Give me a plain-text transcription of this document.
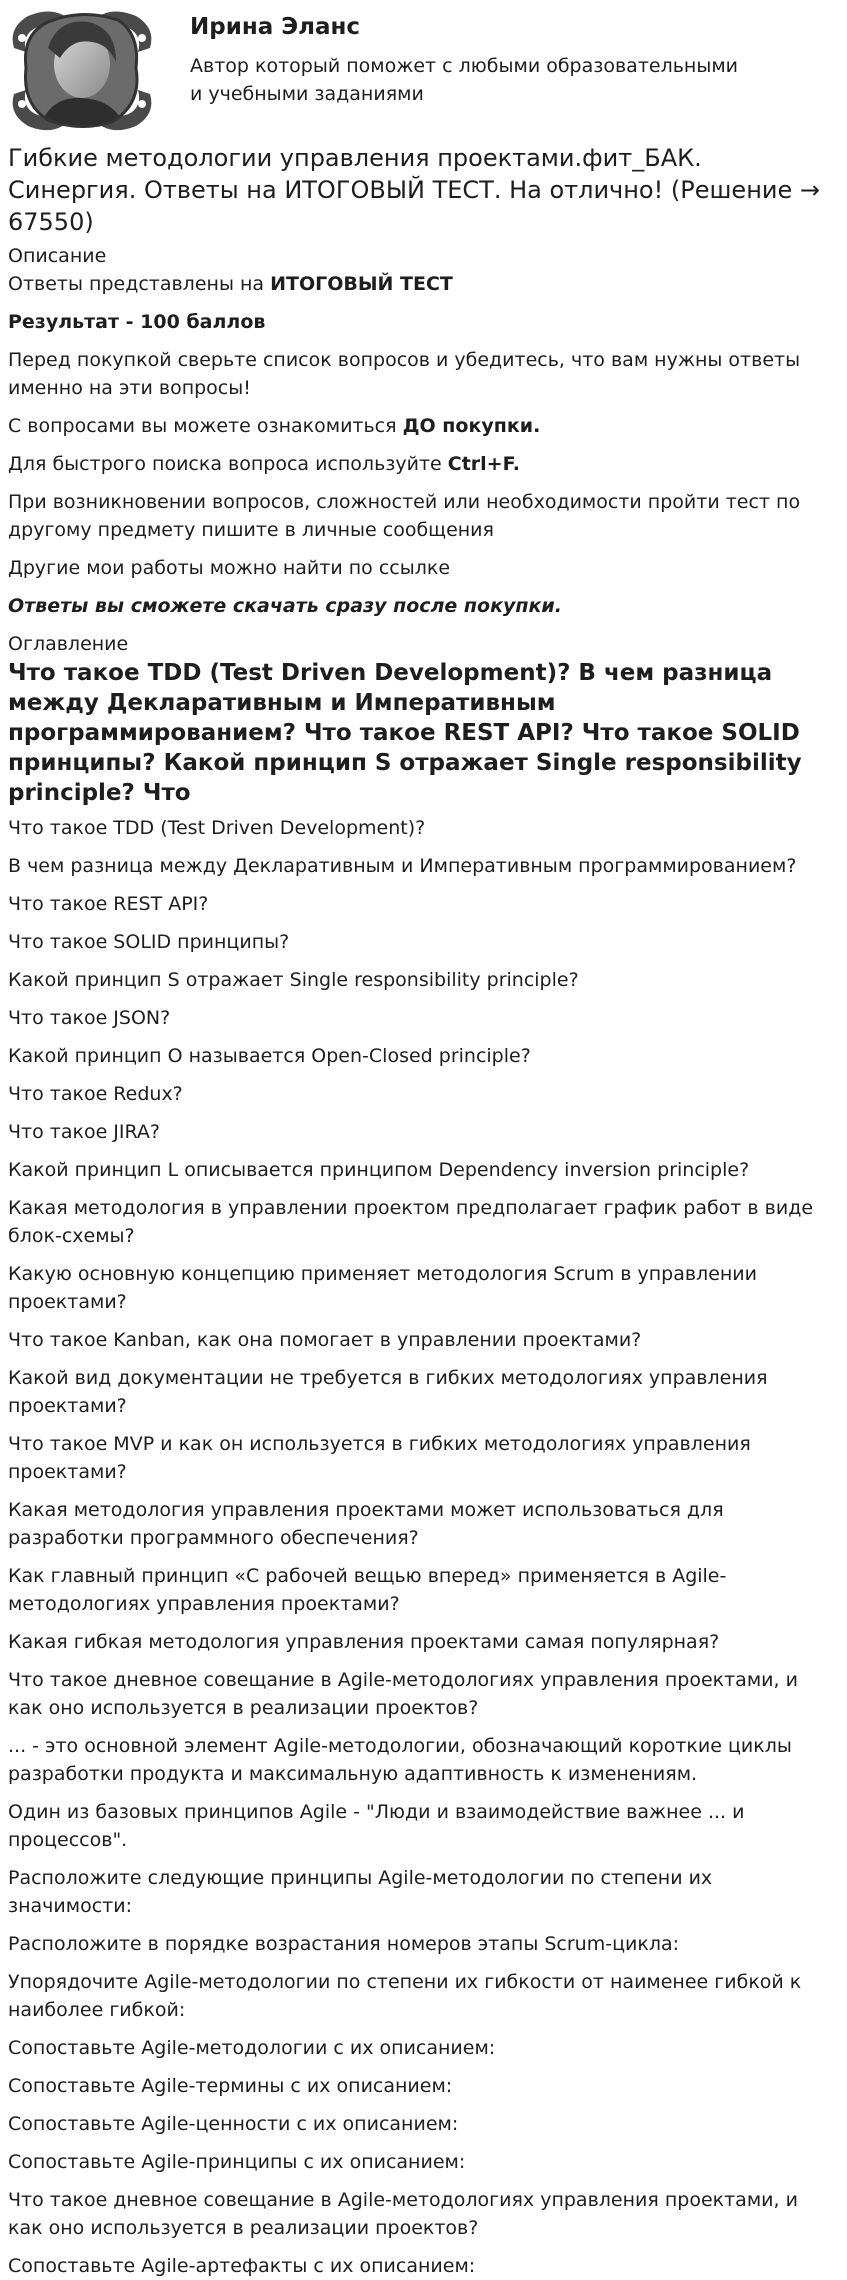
Ирина Эланс
Автор который поможет с любыми образовательными и учебными заданиями
Гибкие методологии управления проектами.фит_БАК. Синергия. Ответы на ИТОГОВЫЙ ТЕСТ. На отлично! (Решение → 67550)
Описание

Ответы представлены на ИТОГОВЫЙ ТЕСТ

Результат - 100 баллов

Перед покупкой сверьте список вопросов и убедитесь, что вам нужны ответы именно на эти вопросы!

С вопросами вы можете ознакомиться ДО покупки.

Для быстрого поиска вопроса используйте Ctrl+F.

При возникновении вопросов, сложностей или необходимости пройти тест по другому предмету пишите в личные сообщения

Другие мои работы можно найти по ссылке

Ответы вы сможете скачать сразу после покупки.

Оглавление
Что такое TDD (Test Driven Development)? В чем разница между Декларативным и Императивным программированием? Что такое REST API? Что такое SOLID принципы? Какой принцип S отражает Single responsibility principle? Что

Что такое TDD (Test Driven Development)?

В чем разница между Декларативным и Императивным программированием?

Что такое REST API?

Что такое SOLID принципы?

Какой принцип S отражает Single responsibility principle?

Что такое JSON?

Какой принцип O называется Open-Closed principle?

Что такое Redux?

Что такое JIRA?

Какой принцип L описывается принципом Dependency inversion principle?

Какая методология в управлении проектом предполагает график работ в виде блок-схемы?

Какую основную концепцию применяет методология Scrum в управлении проектами?

Что такое Kanban, как она помогает в управлении проектами?

Какой вид документации не требуется в гибких методологиях управления проектами?

Что такое MVP и как он используется в гибких методологиях управления проектами?

Какая методология управления проектами может использоваться для разработки программного обеспечения?

Как главный принцип «С рабочей вещью вперед» применяется в Agile-методологиях управления проектами?

Какая гибкая методология управления проектами самая популярная?

Что такое дневное совещание в Agile-методологиях управления проектами, и как оно используется в реализации проектов?

... - это основной элемент Agile-методологии, обозначающий короткие циклы разработки продукта и максимальную адаптивность к изменениям.

Один из базовых принципов Agile - "Люди и взаимодействие важнее ... и процессов".

Расположите следующие принципы Agile-методологии по степени их значимости:

Расположите в порядке возрастания номеров этапы Scrum-цикла:

Упорядочите Agile-методологии по степени их гибкости от наименее гибкой к наиболее гибкой:

Сопоставьте Agile-методологии с их описанием:

Сопоставьте Agile-термины с их описанием:

Сопоставьте Agile-ценности с их описанием:

Сопоставьте Agile-принципы с их описанием:

Что такое дневное совещание в Agile-методологиях управления проектами, и как оно используется в реализации проектов?

Сопоставьте Agile-артефакты с их описанием:
